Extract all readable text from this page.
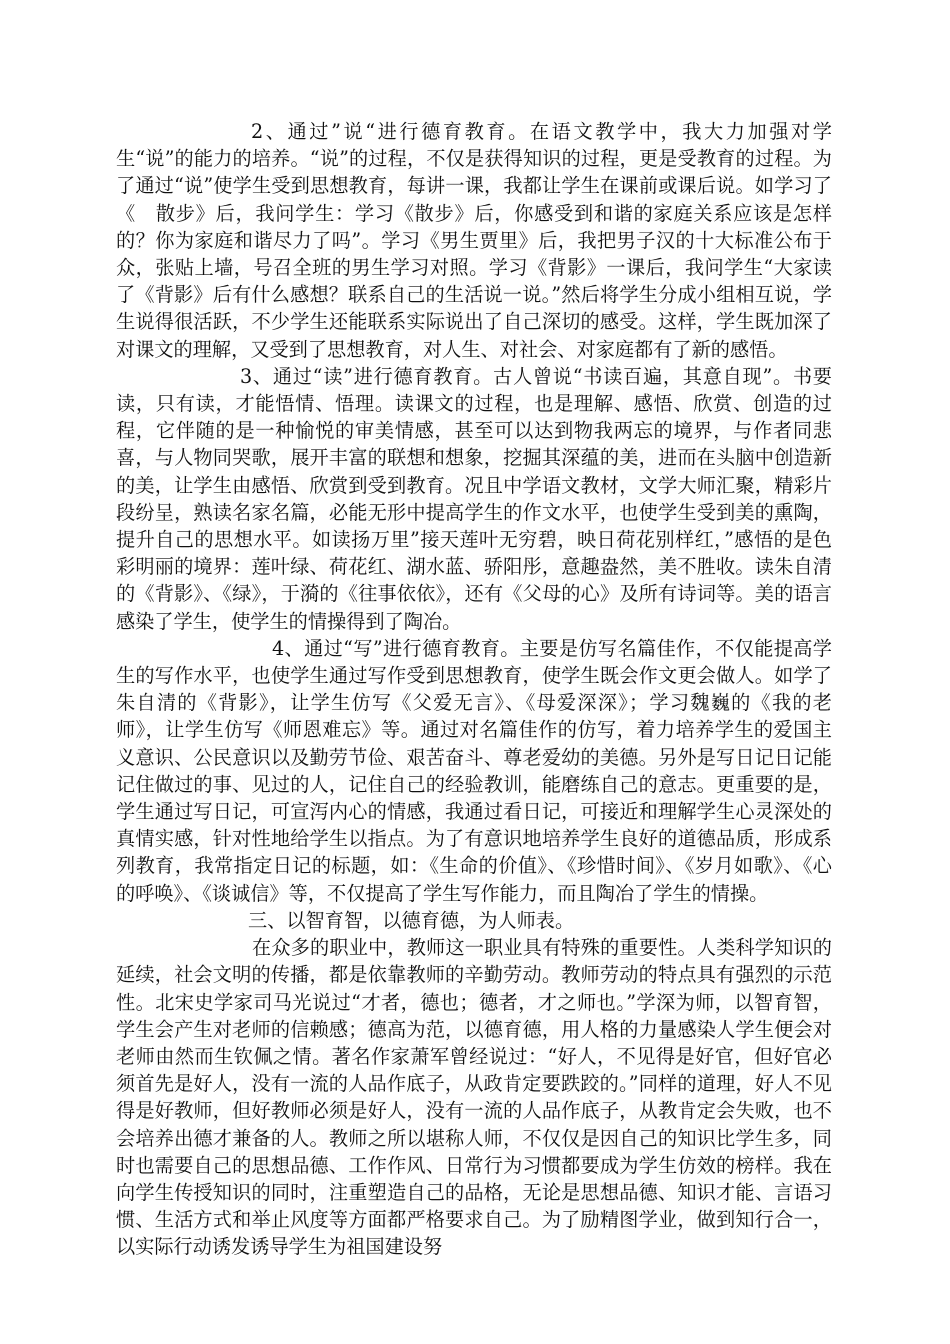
2、通过”说“进行德育教育。在语文教学中，我大力加强对学生“说”的能力的培养。“说”的过程，不仅是获得知识的过程，更是受教育的过程。为了通过“说”使学生受到思想教育，每讲一课，我都让学生在课前或课后说。如学习了《　散步》后，我问学生：学习《散步》后，你感受到和谐的家庭关系应该是怎样的？你为家庭和谐尽力了吗”。学习《男生贾里》后，我把男子汉的十大标准公布于众，张贴上墙，号召全班的男生学习对照。学习《背影》一课后，我问学生“大家读了《背影》后有什么感想？联系自己的生活说一说。”然后将学生分成小组相互说，学生说得很活跃，不少学生还能联系实际说出了自己深切的感受。这样，学生既加深了对课文的理解，又受到了思想教育，对人生、对社会、对家庭都有了新的感悟。

3、通过“读”进行德育教育。古人曾说“书读百遍，其意自现”。书要读，只有读，才能悟情、悟理。读课文的过程，也是理解、感悟、欣赏、创造的过程，它伴随的是一种愉悦的审美情感，甚至可以达到物我两忘的境界，与作者同悲喜，与人物同哭歌，展开丰富的联想和想象，挖掘其深蕴的美，进而在头脑中创造新的美，让学生由感悟、欣赏到受到教育。况且中学语文教材，文学大师汇聚，精彩片段纷呈，熟读名家名篇，必能无形中提高学生的作文水平，也使学生受到美的熏陶，提升自己的思想水平。如读扬万里”接天莲叶无穷碧，映日荷花别样红，”感悟的是色彩明丽的境界：莲叶绿、荷花红、湖水蓝、骄阳彤，意趣盎然，美不胜收。读朱自清的《背影》、《绿》，于漪的《往事依依》，还有《父母的心》及所有诗词等。美的语言感染了学生，使学生的情操得到了陶冶。

4、通过“写”进行德育教育。主要是仿写名篇佳作，不仅能提高学生的写作水平，也使学生通过写作受到思想教育，使学生既会作文更会做人。如学了朱自清的《背影》，让学生仿写《父爱无言》、《母爱深深》；学习魏巍的《我的老师》，让学生仿写《师恩难忘》等。通过对名篇佳作的仿写，着力培养学生的爱国主义意识、公民意识以及勤劳节俭、艰苦奋斗、尊老爱幼的美德。另外是写日记日记能记住做过的事、见过的人，记住自己的经验教训，能磨练自己的意志。更重要的是，学生通过写日记，可宣泻内心的情感，我通过看日记，可接近和理解学生心灵深处的真情实感，针对性地给学生以指点。为了有意识地培养学生良好的道德品质，形成系列教育，我常指定日记的标题，如：《生命的价值》、《珍惜时间》、《岁月如歌》、《心的呼唤》、《谈诚信》等，不仅提高了学生写作能力，而且陶冶了学生的情操。

三、以智育智，以德育德，为人师表。

在众多的职业中，教师这一职业具有特殊的重要性。人类科学知识的延续，社会文明的传播，都是依靠教师的辛勤劳动。教师劳动的特点具有强烈的示范性。北宋史学家司马光说过“才者，德也；德者，才之师也。”学深为师，以智育智，学生会产生对老师的信赖感；德高为范，以德育德，用人格的力量感染人学生便会对老师由然而生钦佩之情。著名作家萧军曾经说过：“好人，不见得是好官，但好官必须首先是好人，没有一流的人品作底子，从政肯定要跌跤的。”同样的道理，好人不见得是好教师，但好教师必须是好人，没有一流的人品作底子，从教肯定会失败，也不会培养出德才兼备的人。教师之所以堪称人师，不仅仅是因自己的知识比学生多，同时也需要自己的思想品德、工作作风、日常行为习惯都要成为学生仿效的榜样。我在向学生传授知识的同时，注重塑造自己的品格，无论是思想品德、知识才能、言语习惯、生活方式和举止风度等方面都严格要求自己。为了励精图学业，做到知行合一，以实际行动诱发诱导学生为祖国建设努
